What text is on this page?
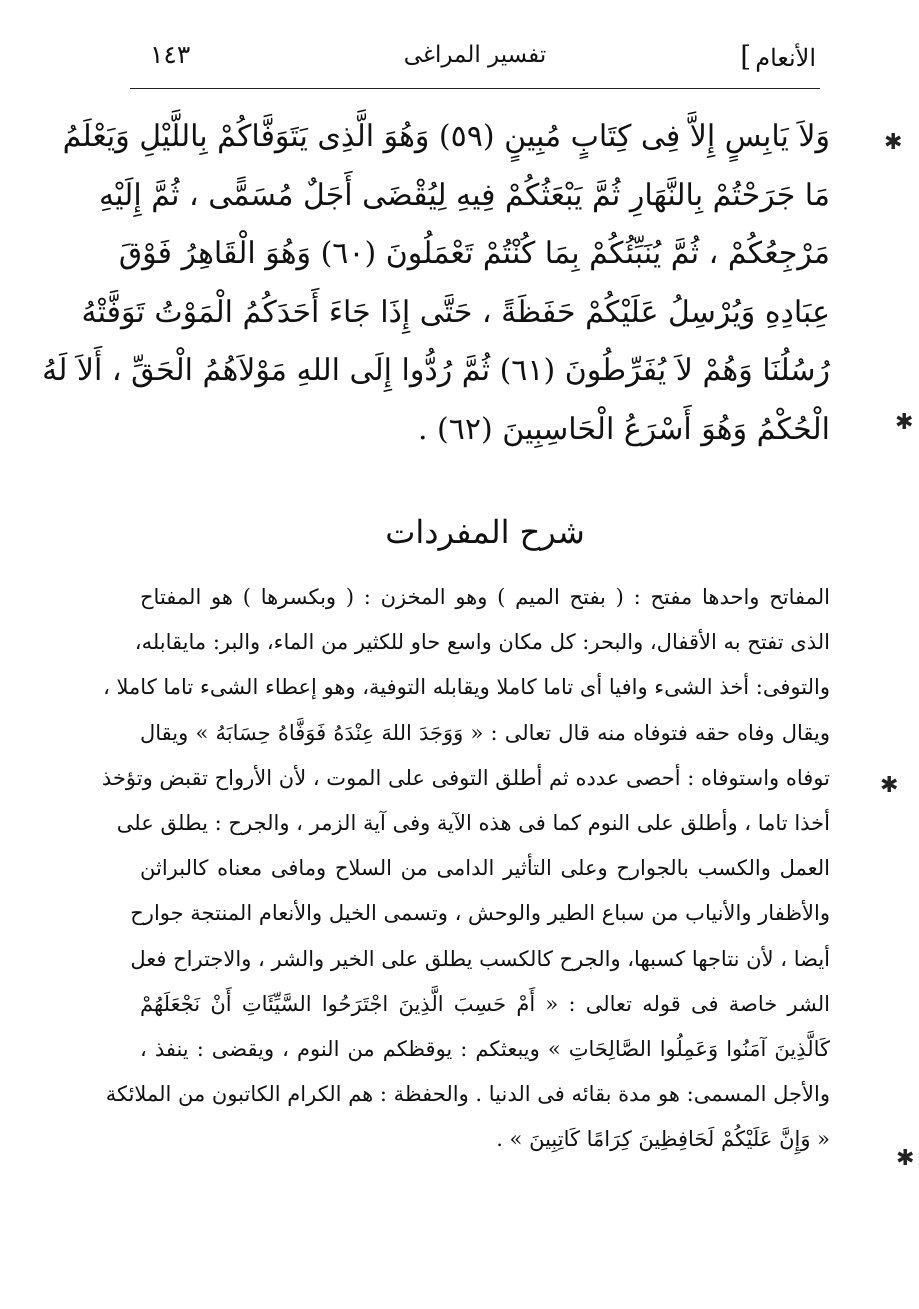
الأنعام]
تفسير المراغى
١٤٣
وَلاَ يَابِسٍ إِلاَّ فِى كِتَابٍ مُبِينٍ (٥٩) وَهُوَ الَّذِى يَتَوَفَّاكُمْ بِاللَّيْلِ وَيَعْلَمُ
مَا جَرَحْتُمْ بِالنَّهَارِ ثُمَّ يَبْعَثُكُمْ فِيهِ لِيُقْضَى أَجَلٌ مُسَمًّى ، ثُمَّ إِلَيْهِ
مَرْجِعُكُمْ ، ثُمَّ يُنَبِّئُكُمْ بِمَا كُنْتُمْ تَعْمَلُونَ (٦٠) وَهُوَ الْقَاهِرُ فَوْقَ
عِبَادِهِ وَيُرْسِلُ عَلَيْكُمْ حَفَظَةً ، حَتَّى إِذَا جَاءَ أَحَدَكُمُ الْمَوْتُ تَوَفَّتْهُ
رُسُلُنَا وَهُمْ لاَ يُفَرِّطُونَ (٦١) ثُمَّ رُدُّوا إِلَى اللهِ مَوْلاَهُمُ الْحَقِّ ، أَلاَ لَهُ
الْحُكْمُ وَهُوَ أَسْرَعُ الْحَاسِبِينَ (٦٢) .
شرح المفردات
المفاتح واحدها مفتح : ( بفتح الميم ) وهو المخزن : ( وبكسرها ) هو المفتاح
الذى تفتح به الأقفال، والبحر: كل مكان واسع حاو للكثير من الماء، والبر: مايقابله،
والتوفى: أخذ الشىء وافيا أى تاما كاملا ويقابله التوفية، وهو إعطاء الشىء تاما كاملا ،
ويقال وفاه حقه فتوفاه منه قال تعالى : « وَوَجَدَ اللهَ عِنْدَهُ فَوَفَّاهُ حِسَابَهُ » ويقال
توفاه واستوفاه : أحصى عدده ثم أطلق التوفى على الموت ، لأن الأرواح تقبض وتؤخذ
أخذا تاما ، وأطلق على النوم كما فى هذه الآية وفى آية الزمر ، والجرح : يطلق على
العمل والكسب بالجوارح وعلى التأثير الدامى من السلاح ومافى معناه كالبراثن
والأظفار والأنياب من سباع الطير والوحش ، وتسمى الخيل والأنعام المنتجة جوارح
أيضا ، لأن نتاجها كسبها، والجرح كالكسب يطلق على الخير والشر ، والاجتراح فعل
الشر خاصة فى قوله تعالى : « أَمْ حَسِبَ الَّذِينَ اجْتَرَحُوا السَّيِّئَاتِ أَنْ نَجْعَلَهُمْ
كَالَّذِينَ آمَنُوا وَعَمِلُوا الصَّالِحَاتِ » ويبعثكم : يوقظكم من النوم ، ويقضى : ينفذ ،
والأجل المسمى: هو مدة بقائه فى الدنيا . والحفظة : هم الكرام الكاتبون من الملائكة
« وَإِنَّ عَلَيْكُمْ لَحَافِظِينَ كِرَامًا كَاتِبِينَ » .
✱
✱
✱
✱
